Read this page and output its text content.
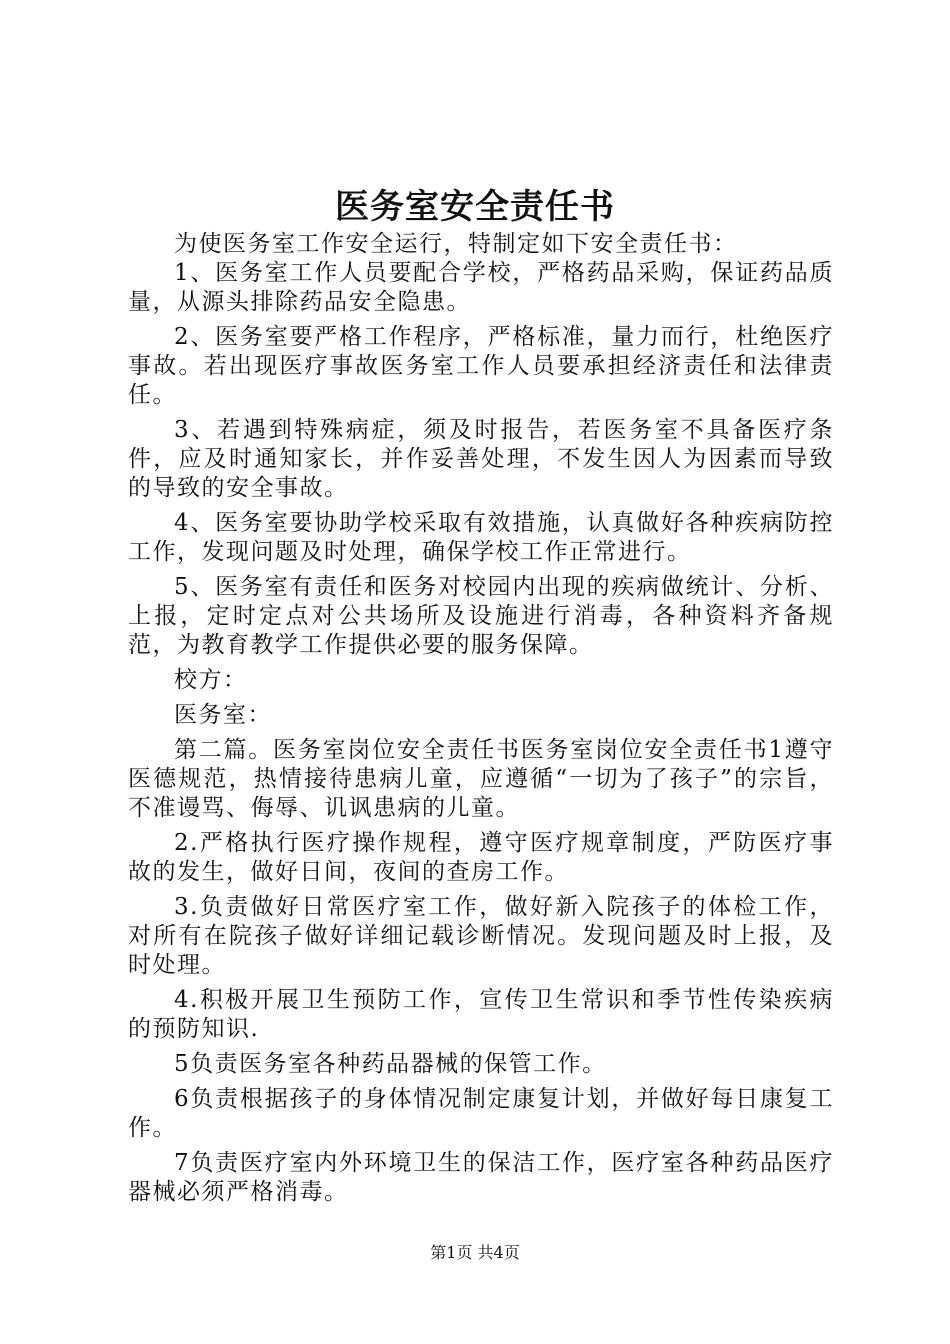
医务室安全责任书

为使医务室工作安全运行，特制定如下安全责任书：

1、医务室工作人员要配合学校，严格药品采购，保证药品质量，从源头排除药品安全隐患。

2、医务室要严格工作程序，严格标准，量力而行，杜绝医疗事故。若出现医疗事故医务室工作人员要承担经济责任和法律责任。

3、若遇到特殊病症，须及时报告，若医务室不具备医疗条件，应及时通知家长，并作妥善处理，不发生因人为因素而导致的导致的安全事故。

4、医务室要协助学校采取有效措施，认真做好各种疾病防控工作，发现问题及时处理，确保学校工作正常进行。

5、医务室有责任和医务对校园内出现的疾病做统计、分析、上报，定时定点对公共场所及设施进行消毒，各种资料齐备规范，为教育教学工作提供必要的服务保障。

校方：

医务室：

第二篇。医务室岗位安全责任书医务室岗位安全责任书1遵守医德规范，热情接待患病儿童，应遵循“一切为了孩子”的宗旨，不准谩骂、侮辱、讥讽患病的儿童。

2.严格执行医疗操作规程，遵守医疗规章制度，严防医疗事故的发生，做好日间，夜间的查房工作。

3.负责做好日常医疗室工作，做好新入院孩子的体检工作，对所有在院孩子做好详细记载诊断情况。发现问题及时上报，及时处理。

4.积极开展卫生预防工作，宣传卫生常识和季节性传染疾病的预防知识.

5负责医务室各种药品器械的保管工作。

6负责根据孩子的身体情况制定康复计划，并做好每日康复工作。

7负责医疗室内外环境卫生的保洁工作，医疗室各种药品医疗器械必须严格消毒。

第1页 共4页
